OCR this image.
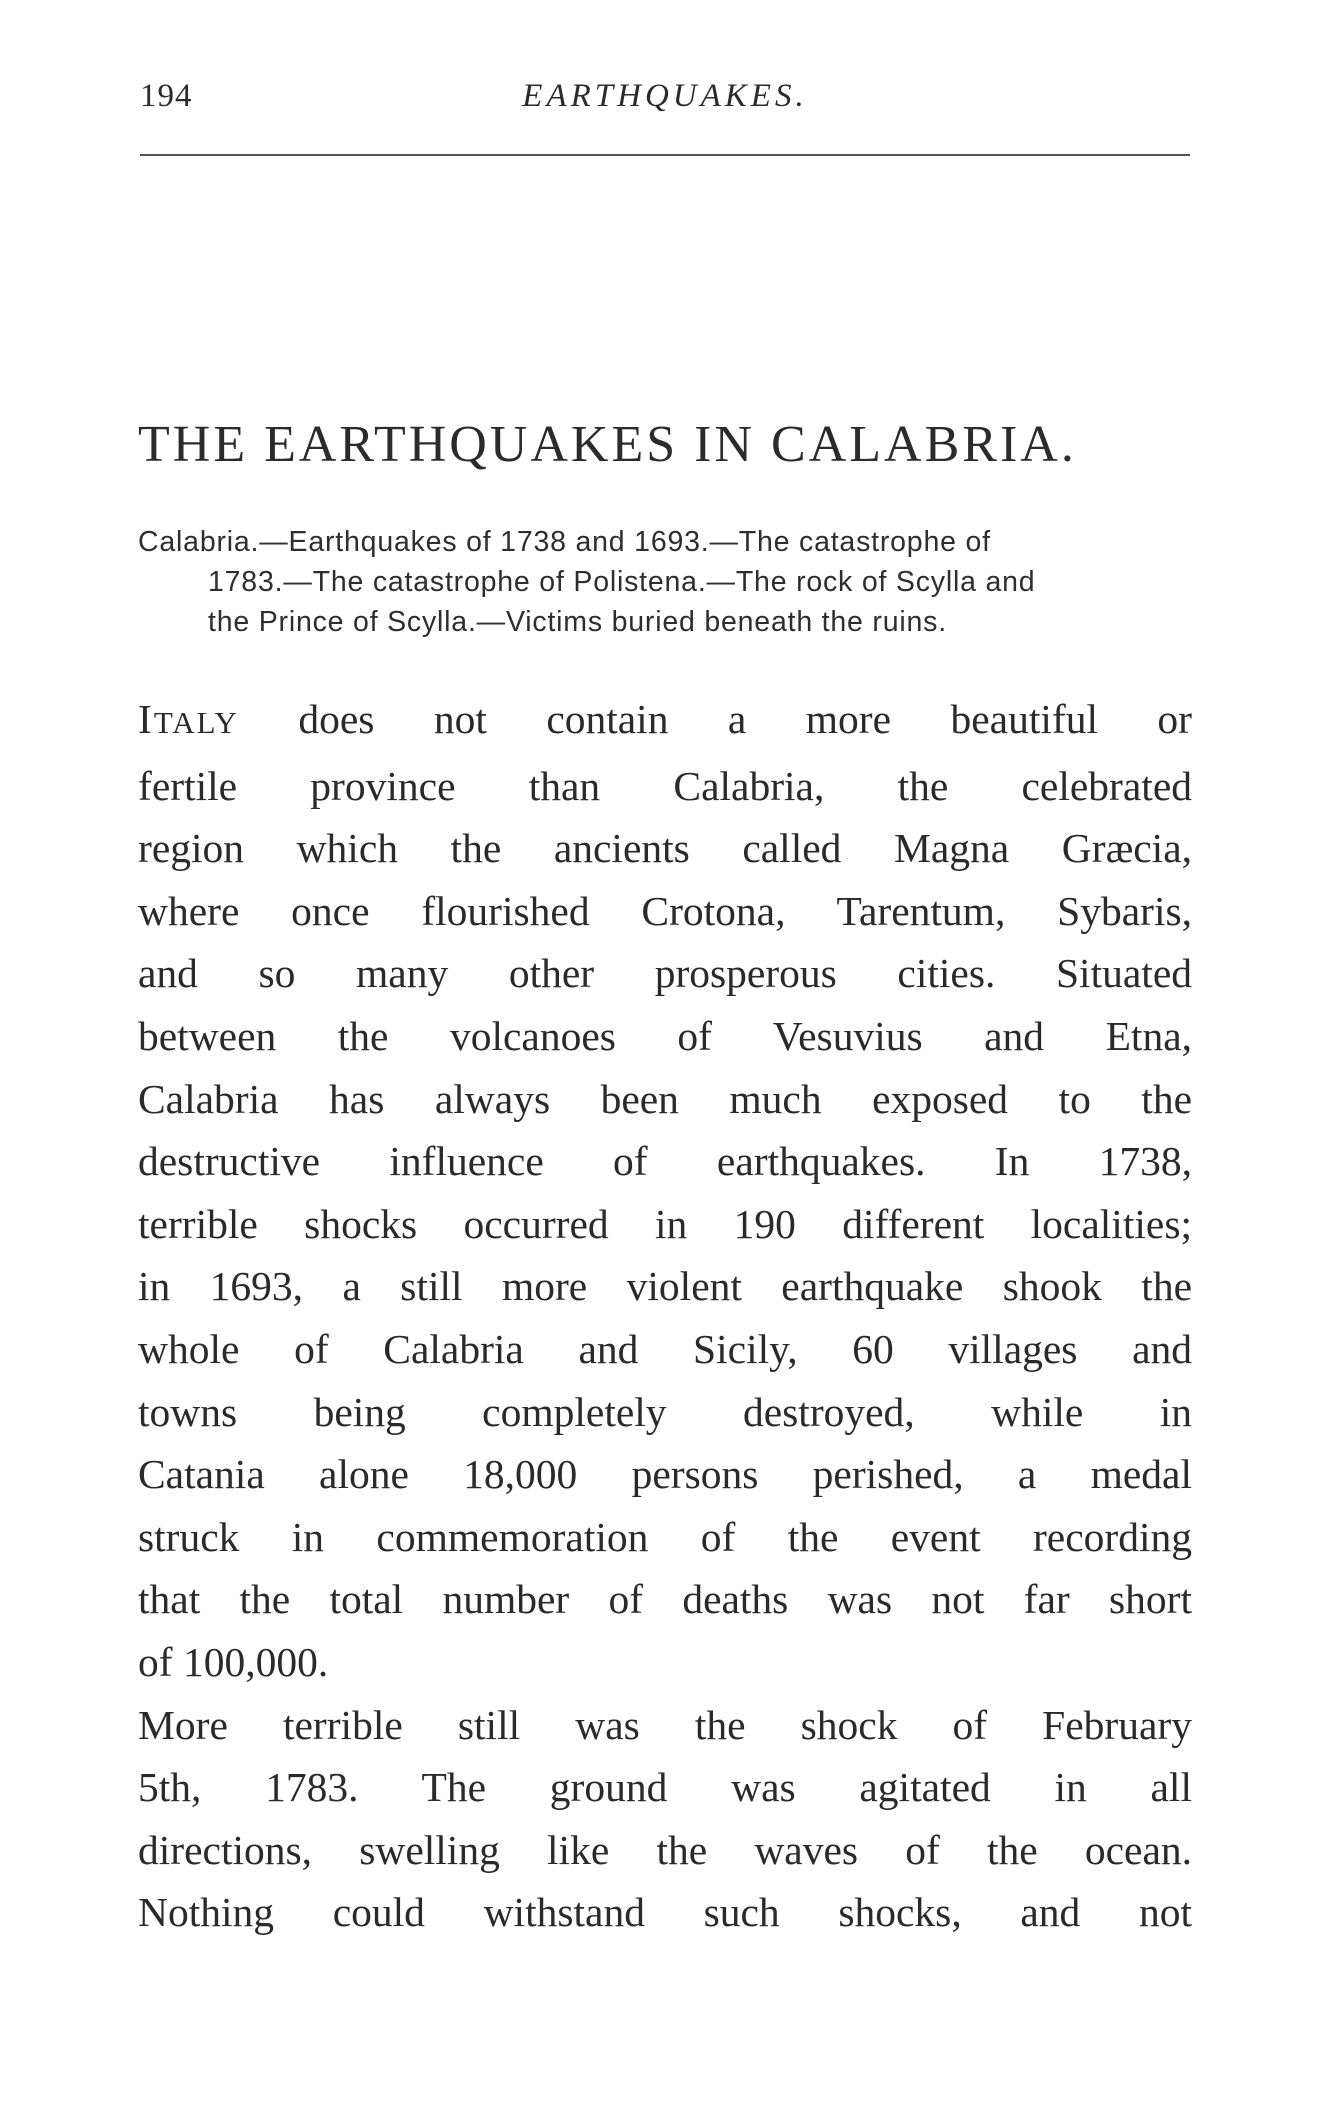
194	EARTHQUAKES.
THE EARTHQUAKES IN CALABRIA.
Calabria.—Earthquakes of 1738 and 1693.—The catastrophe of
1783.—The catastrophe of Polistena.—The rock of Scylla and
the Prince of Scylla.—Victims buried beneath the ruins.
ITALY does not contain a more beautiful or
fertile province than Calabria, the celebrated
region which the ancients called Magna Græcia,
where once flourished Crotona, Tarentum, Sybaris,
and so many other prosperous cities. Situated
between the volcanoes of Vesuvius and Etna,
Calabria has always been much exposed to the
destructive influence of earthquakes. In 1738,
terrible shocks occurred in 190 different localities;
in 1693, a still more violent earthquake shook the
whole of Calabria and Sicily, 60 villages and
towns being completely destroyed, while in
Catania alone 18,000 persons perished, a medal
struck in commemoration of the event recording
that the total number of deaths was not far short
of 100,000.
More terrible still was the shock of February
5th, 1783. The ground was agitated in all
directions, swelling like the waves of the ocean.
Nothing could withstand such shocks, and not
